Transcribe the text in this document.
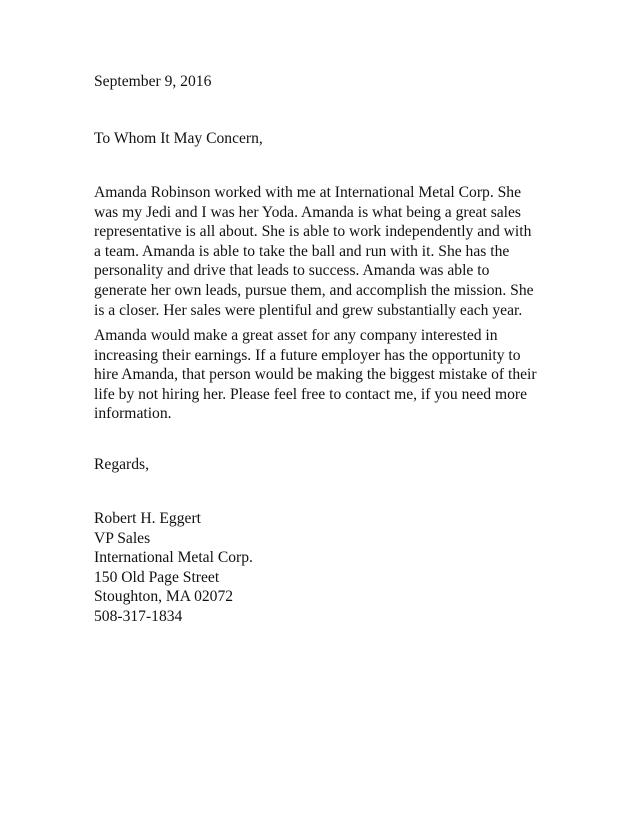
September 9, 2016

To Whom It May Concern,

Amanda Robinson worked with me at International Metal Corp. She
was my Jedi and I was her Yoda. Amanda is what being a great sales
representative is all about. She is able to work independently and with
a team. Amanda is able to take the ball and run with it. She has the
personality and drive that leads to success. Amanda was able to
generate her own leads, pursue them, and accomplish the mission. She
is a closer. Her sales were plentiful and grew substantially each year.
Amanda would make a great asset for any company interested in
increasing their earnings. If a future employer has the opportunity to
hire Amanda, that person would be making the biggest mistake of their
life by not hiring her. Please feel free to contact me, if you need more
information.

Regards,

Robert H. Eggert
VP Sales
International Metal Corp.
150 Old Page Street
Stoughton, MA 02072
508-317-1834
